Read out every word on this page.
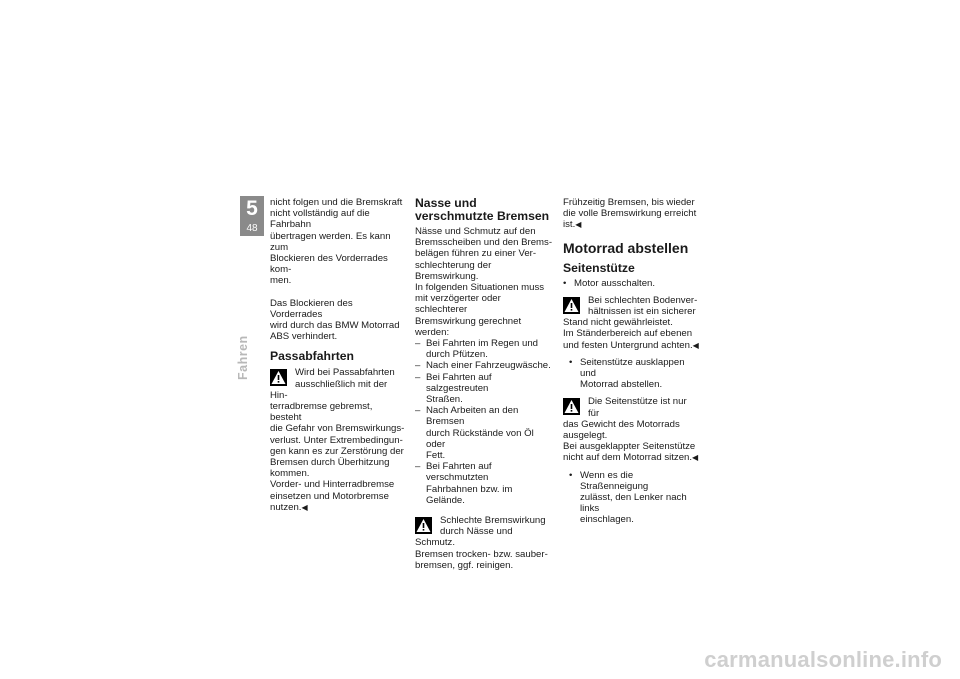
5
48
Fahren

nicht folgen und die Bremskraft
nicht vollständig auf die Fahrbahn
übertragen werden. Es kann zum
Blockieren des Vorderrades kom-
men.

Das Blockieren des Vorderrades
wird durch das BMW Motorrad
ABS verhindert.

Passabfahrten
Wird bei Passabfahrten
ausschließlich mit der Hin-
terradbremse gebremst, besteht
die Gefahr von Bremswirkungs-
verlust. Unter Extrembedingun-
gen kann es zur Zerstörung der
Bremsen durch Überhitzung
kommen.
Vorder- und Hinterradbremse
einsetzen und Motorbremse
nutzen.◀
Nasse und verschmutzte Bremsen

Nässe und Schmutz auf den
Bremsscheiben und den Brems-
belägen führen zu einer Ver-
schlechterung der Bremswirkung.
In folgenden Situationen muss
mit verzögerter oder schlechterer
Bremswirkung gerechnet werden:

– Bei Fahrten im Regen und
durch Pfützen.
– Nach einer Fahrzeugwäsche.
– Bei Fahrten auf salzgestreuten
Straßen.
– Nach Arbeiten an den Bremsen
durch Rückstände von Öl oder
Fett.
– Bei Fahrten auf verschmutzten
Fahrbahnen bzw. im Gelände.
Schlechte Bremswirkung
durch Nässe und Schmutz.
Bremsen trocken- bzw. sauber-
bremsen, ggf. reinigen.

Frühzeitig Bremsen, bis wieder
die volle Bremswirkung erreicht
ist.◀

Motorrad abstellen
Seitenstütze
• Motor ausschalten.
Bei schlechten Bodenver-
hältnissen ist ein sicherer
Stand nicht gewährleistet.
Im Ständerbereich auf ebenen
und festen Untergrund achten.◀
• Seitenstütze ausklappen und
Motorrad abstellen.
Die Seitenstütze ist nur für
das Gewicht des Motorrads
ausgelegt.
Bei ausgeklappter Seitenstütze
nicht auf dem Motorrad sitzen.◀
• Wenn es die Straßenneigung
zulässt, den Lenker nach links
einschlagen.
carmanualsonline.info
